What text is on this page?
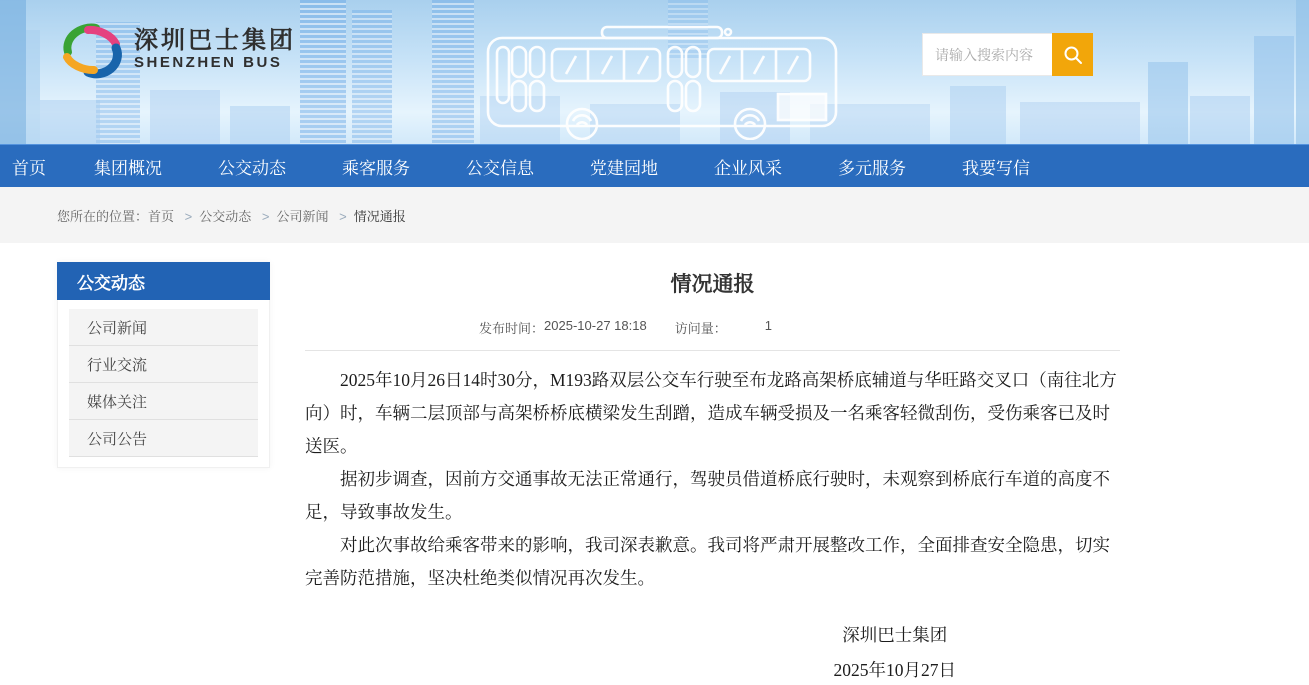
深圳巴士集团
SHENZHEN BUS
请输入搜索内容
首页	集团概况	公交动态	乘客服务	公交信息	党建园地	企业风采	多元服务	我要写信
您所在的位置：首页 > 公交动态 > 公司新闻 > 情况通报
公交动态
公司新闻
行业交流
媒体关注
公司公告
情况通报
发布时间： 2025-10-27 18:18 访问量：	1

2025年10月26日14时30分，M193路双层公交车行驶至布龙路高架桥底辅道与华旺路交叉口（南往北方向）时，车辆二层顶部与高架桥桥底横梁发生刮蹭，造成车辆受损及一名乘客轻微刮伤，受伤乘客已及时送医。

据初步调查，因前方交通事故无法正常通行，驾驶员借道桥底行驶时，未观察到桥底行车道的高度不足，导致事故发生。

对此次事故给乘客带来的影响，我司深表歉意。我司将严肃开展整改工作，全面排查安全隐患，切实完善防范措施，坚决杜绝类似情况再次发生。

深圳巴士集团
2025年10月27日
